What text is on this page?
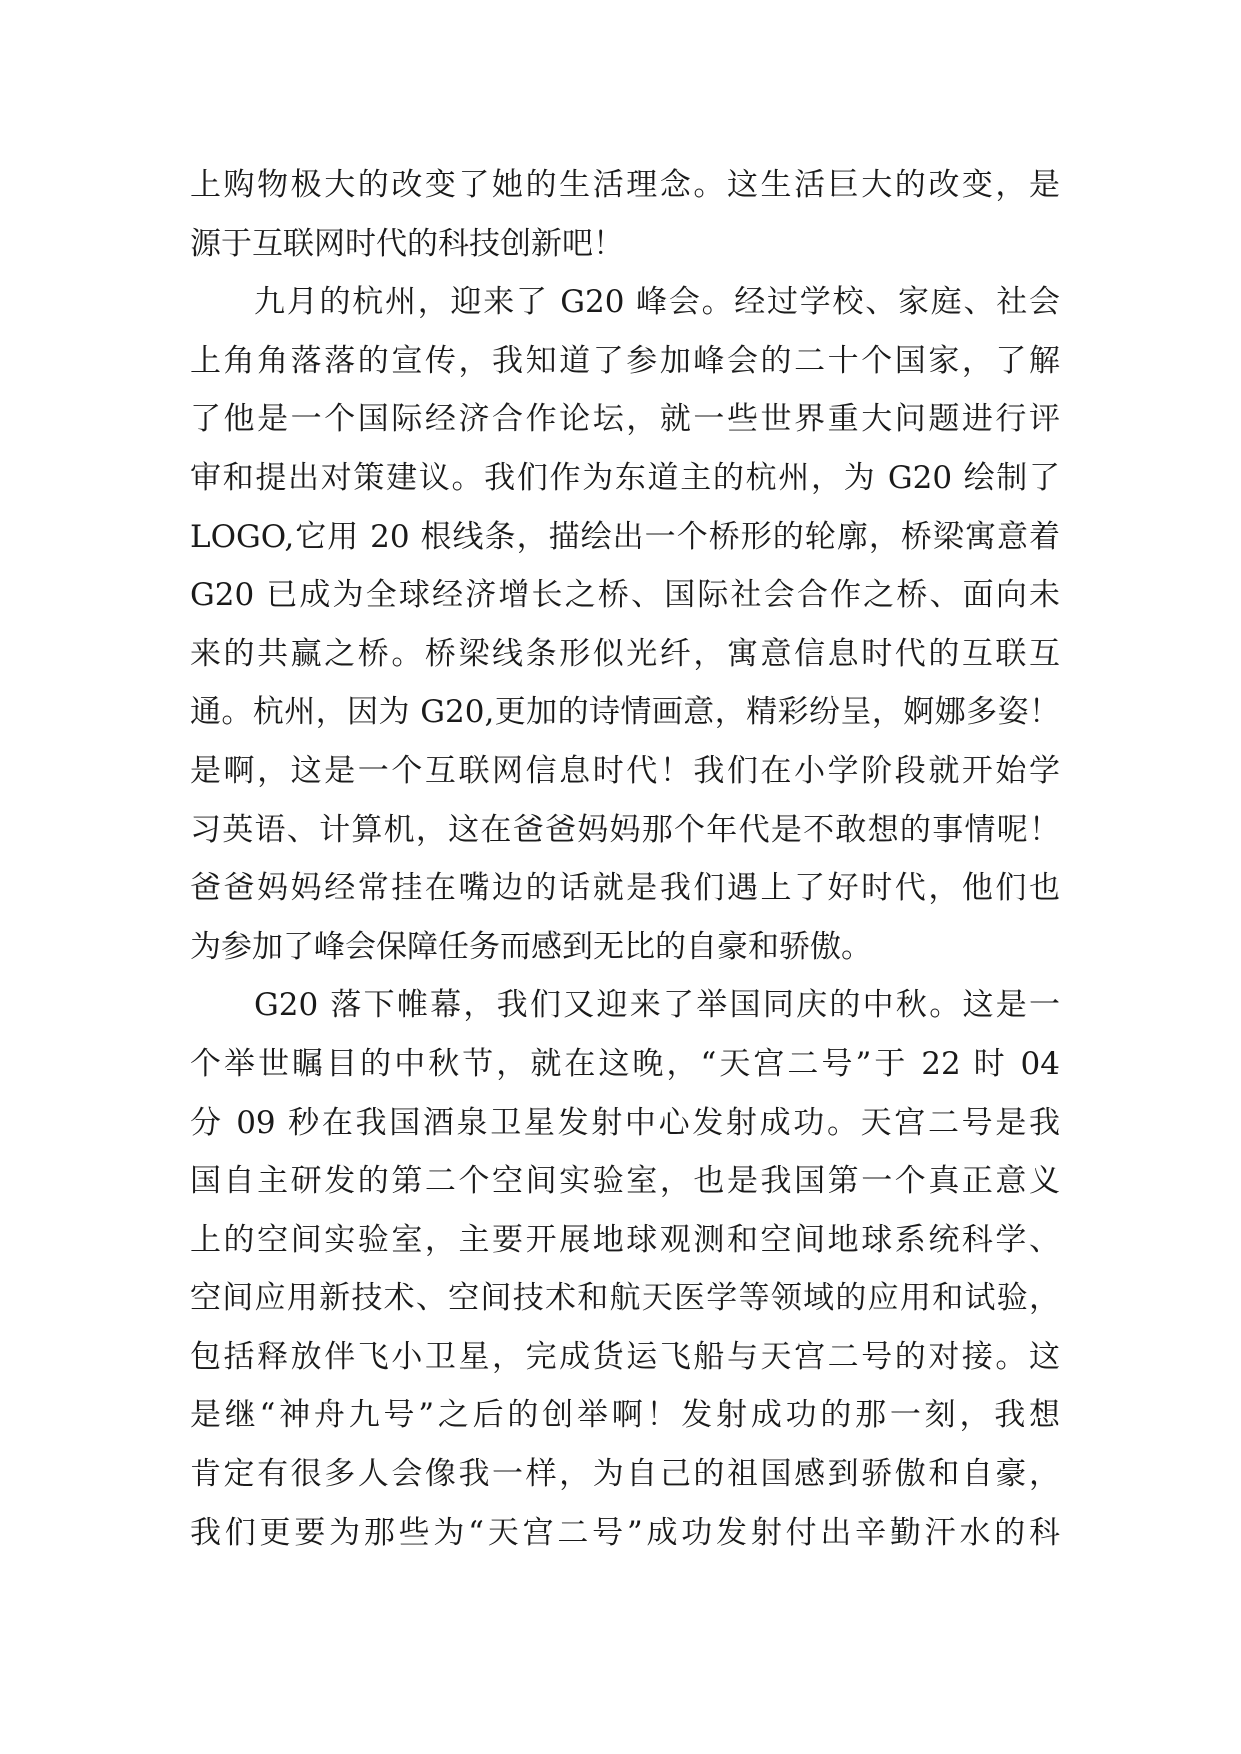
上购物极大的改变了她的生活理念。这生活巨大的改变，是
源于互联网时代的科技创新吧！
九月的杭州，迎来了 G20 峰会。经过学校、家庭、社会
上角角落落的宣传，我知道了参加峰会的二十个国家，了解
了他是一个国际经济合作论坛，就一些世界重大问题进行评
审和提出对策建议。我们作为东道主的杭州，为 G20 绘制了
LOGO,它用 20 根线条，描绘出一个桥形的轮廓，桥梁寓意着
G20 已成为全球经济增长之桥、国际社会合作之桥、面向未
来的共赢之桥。桥梁线条形似光纤，寓意信息时代的互联互
通。杭州，因为 G20,更加的诗情画意，精彩纷呈，婀娜多姿！
是啊，这是一个互联网信息时代！我们在小学阶段就开始学
习英语、计算机，这在爸爸妈妈那个年代是不敢想的事情呢！
爸爸妈妈经常挂在嘴边的话就是我们遇上了好时代，他们也
为参加了峰会保障任务而感到无比的自豪和骄傲。
G20 落下帷幕，我们又迎来了举国同庆的中秋。这是一
个举世瞩目的中秋节，就在这晚，“天宫二号”于 22 时 04
分 09 秒在我国酒泉卫星发射中心发射成功。天宫二号是我
国自主研发的第二个空间实验室，也是我国第一个真正意义
上的空间实验室，主要开展地球观测和空间地球系统科学、
空间应用新技术、空间技术和航天医学等领域的应用和试验，
包括释放伴飞小卫星，完成货运飞船与天宫二号的对接。这
是继“神舟九号”之后的创举啊！发射成功的那一刻，我想
肯定有很多人会像我一样，为自己的祖国感到骄傲和自豪，
我们更要为那些为“天宫二号”成功发射付出辛勤汗水的科
